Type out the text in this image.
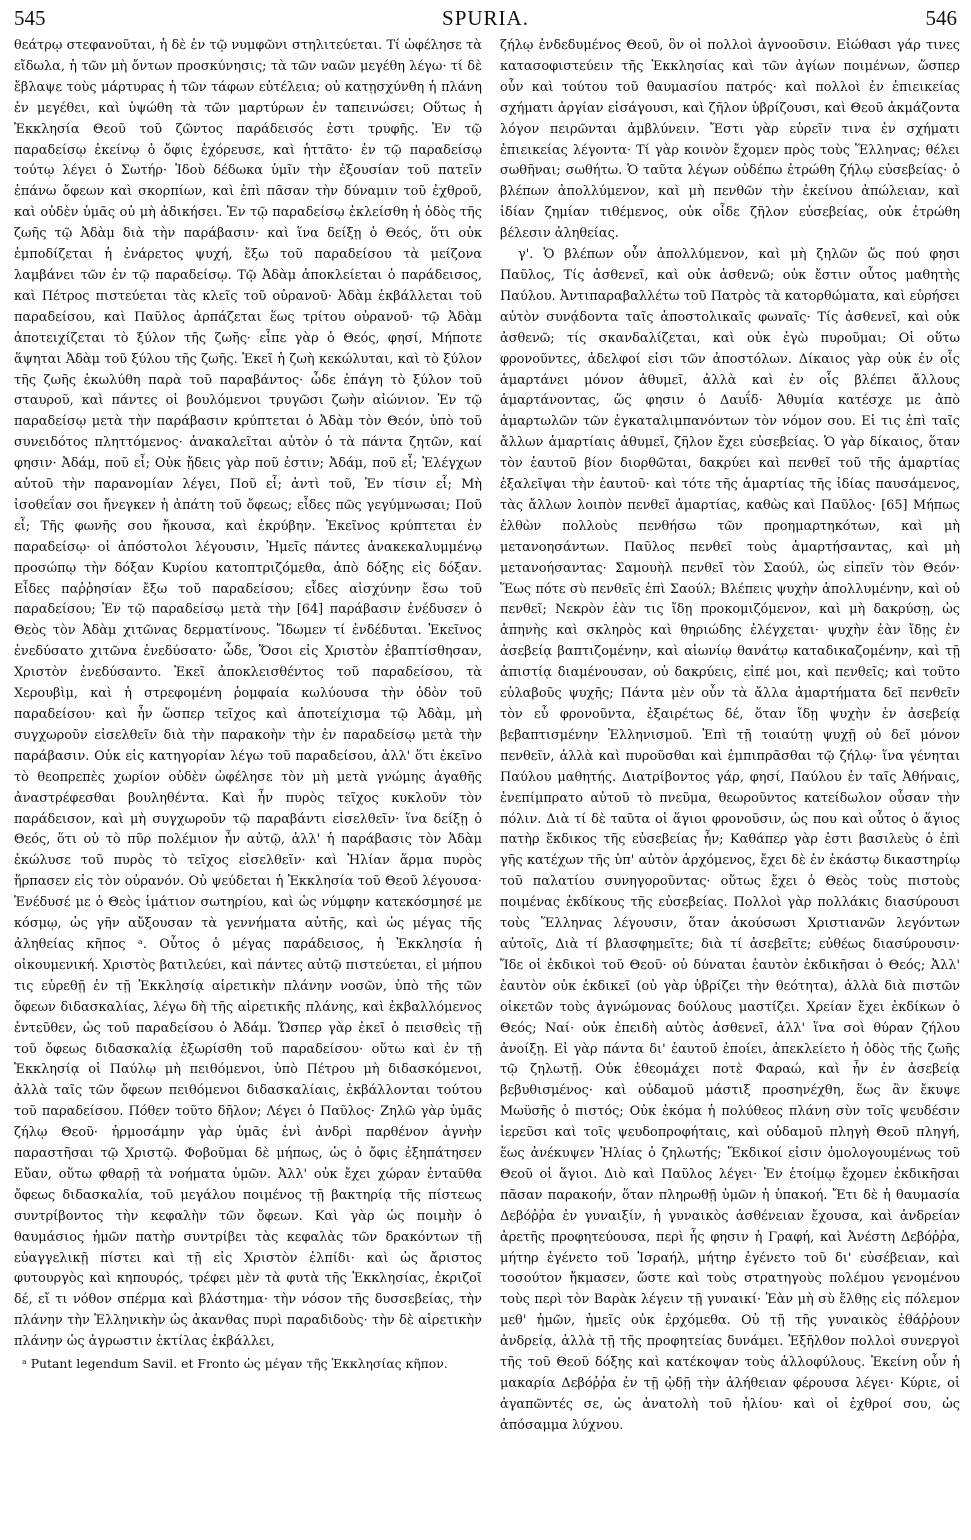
545	SPURIA.	546

θεάτρῳ στεφανοῦται, ἡ δὲ ἐν τῷ νυμφῶνι στηλιτεύεται. Τί ὠφέλησε τὰ εἴδωλα, ἡ τῶν μὴ ὄντων προσκύνησις; τὰ τῶν ναῶν μεγέθη λέγω· τί δὲ ἔβλαψε τοὺς μάρτυρας ἡ τῶν τάφων εὐτέλεια; οὐ κατῃσχύνθη ἡ πλάνη ἐν μεγέθει, καὶ ὑψώθη τὰ τῶν μαρτύρων ἐν ταπεινώσει; Οὕτως ἡ Ἐκκλησία Θεοῦ τοῦ ζῶντος παράδεισός ἐστι τρυφῆς. Ἐν τῷ παραδείσῳ ἐκείνῳ ὁ ὄφις ἐχόρευσε, καὶ ἡττᾶτο· ἐν τῷ παραδείσῳ τούτῳ λέγει ὁ Σωτήρ· Ἰδοὺ δέδωκα ὑμῖν τὴν ἐξουσίαν τοῦ πατεῖν ἐπάνω ὄφεων καὶ σκορπίων, καὶ ἐπὶ πᾶσαν τὴν δύναμιν τοῦ ἐχθροῦ, καὶ οὐδὲν ὑμᾶς οὐ μὴ ἀδικήσει. Ἐν τῷ παραδείσῳ ἐκλείσθη ἡ ὁδὸς τῆς ζωῆς τῷ Ἀδὰμ διὰ τὴν παράβασιν· καὶ ἵνα δείξῃ ὁ Θεός, ὅτι οὐκ ἐμποδίζεται ἡ ἐνάρετος ψυχή, ἔξω τοῦ παραδείσου τὰ μείζονα λαμβάνει τῶν ἐν τῷ παραδείσῳ. Τῷ Ἀδὰμ ἀποκλείεται ὁ παράδεισος, καὶ Πέτρος πιστεύεται τὰς κλεῖς τοῦ οὐρανοῦ· Ἀδὰμ ἐκβάλλεται τοῦ παραδείσου, καὶ Παῦλος ἁρπάζεται ἕως τρίτου οὐρανοῦ· τῷ Ἀδὰμ ἀποτειχίζεται τὸ ξύλον τῆς ζωῆς· εἶπε γὰρ ὁ Θεός, φησί, Μήποτε ἅψηται Ἀδὰμ τοῦ ξύλου τῆς ζωῆς. Ἐκεῖ ἡ ζωὴ κεκώλυται, καὶ τὸ ξύλον τῆς ζωῆς ἐκωλύθη παρὰ τοῦ παραβάντος· ὧδε ἐπάγη τὸ ξύλον τοῦ σταυροῦ, καὶ πάντες οἱ βουλόμενοι τρυγῶσι ζωὴν αἰώνιον. Ἐν τῷ παραδείσῳ μετὰ τὴν παράβασιν κρύπτεται ὁ Ἀδὰμ τὸν Θεόν, ὑπὸ τοῦ συνειδότος πληττόμενος· ἀνακαλεῖται αὐτὸν ὁ τὰ πάντα ζητῶν, καί φησιν· Ἀδάμ, ποῦ εἶ; Οὐκ ᾔδεις γὰρ ποῦ ἐστιν; Ἀδάμ, ποῦ εἶ; Ἐλέγχων αὐτοῦ τὴν παρανομίαν λέγει, Ποῦ εἶ; ἀντὶ τοῦ, Ἐν τίσιν εἶ; Μὴ ἰσοθεΐαν σοι ἤνεγκεν ἡ ἀπάτη τοῦ ὄφεως; εἶδες πῶς γεγύμνωσαι; Ποῦ εἶ; Τῆς φωνῆς σου ἤκουσα, καὶ ἐκρύβην. Ἐκεῖνος κρύπτεται ἐν παραδείσῳ· οἱ ἀπόστολοι λέγουσιν, Ἡμεῖς πάντες ἀνακεκαλυμμένῳ προσώπῳ τὴν δόξαν Κυρίου κατοπτριζόμεθα, ἀπὸ δόξης εἰς δόξαν. Εἶδες παῤῥησίαν ἔξω τοῦ παραδείσου; εἶδες αἰσχύνην ἔσω τοῦ παραδείσου; Ἐν τῷ παραδείσῳ μετὰ τὴν [64] παράβασιν ἐνέδυσεν ὁ Θεὸς τὸν Ἀδὰμ χιτῶνας δερματίνους. Ἴδωμεν τί ἐνδέδυται. Ἐκεῖνος ἐνεδύσατο χιτῶνα ἐνεδύσατο· ὧδε, Ὅσοι εἰς Χριστὸν ἐβαπτίσθησαν, Χριστὸν ἐνεδύσαντο. Ἐκεῖ ἀποκλεισθέντος τοῦ παραδείσου, τὰ Χερουβὶμ, καὶ ἡ στρεφομένη ῥομφαία κωλύουσα τὴν ὁδὸν τοῦ παραδείσου· καὶ ἦν ὥσπερ τεῖχος καὶ ἀποτείχισμα τῷ Ἀδὰμ, μὴ συγχωροῦν εἰσελθεῖν διὰ τὴν παρακοὴν τὴν ἐν παραδείσῳ μετὰ τὴν παράβασιν. Οὐκ εἰς κατηγορίαν λέγω τοῦ παραδείσου, ἀλλ' ὅτι ἐκεῖνο τὸ θεοπρεπὲς χωρίον οὐδὲν ὠφέλησε τὸν μὴ μετὰ γνώμης ἀγαθῆς ἀναστρέφεσθαι βουληθέντα. Καὶ ἦν πυρὸς τεῖχος κυκλοῦν τὸν παράδεισον, καὶ μὴ συγχωροῦν τῷ παραβάντι εἰσελθεῖν· ἵνα δείξῃ ὁ Θεός, ὅτι οὐ τὸ πῦρ πολέμιον ἦν αὐτῷ, ἀλλ' ἡ παράβασις τὸν Ἀδὰμ ἐκώλυσε τοῦ πυρὸς τὸ τεῖχος εἰσελθεῖν· καὶ Ἠλίαν ἅρμα πυρὸς ἥρπασεν εἰς τὸν οὐρανόν. Οὐ ψεύδεται ἡ Ἐκκλησία τοῦ Θεοῦ λέγουσα· Ἐνέδυσέ με ὁ Θεὸς ἱμάτιον σωτηρίου, καὶ ὡς νύμφην κατεκόσμησέ με κόσμῳ, ὡς γῆν αὔξουσαν τὰ γεννήματα αὐτῆς, καὶ ὡς μέγας τῆς ἀληθείας κῆπος ᵃ. Οὗτος ὁ μέγας παράδεισος, ἡ Ἐκκλησία ἡ οἰκουμενική. Χριστὸς βατιλεύει, καὶ πάντες αὐτῷ πιστεύεται, εἰ μήπου τις εὑρεθῇ ἐν τῇ Ἐκκλησίᾳ αἱρετικὴν πλάνην νοσῶν, ὑπὸ τῆς τῶν ὄφεων διδασκαλίας, λέγω δὴ τῆς αἱρετικῆς πλάνης, καὶ ἐκβαλλόμενος ἐντεῦθεν, ὡς τοῦ παραδείσου ὁ Ἀδάμ. Ὥσπερ γὰρ ἐκεῖ ὁ πεισθεὶς τῇ τοῦ ὄφεως διδασκαλίᾳ ἐξωρίσθη τοῦ παραδείσου· οὕτω καὶ ἐν τῇ Ἐκκλησίᾳ οἱ Παύλῳ μὴ πειθόμενοι, ὑπὸ Πέτρου μὴ διδασκόμενοι, ἀλλὰ ταῖς τῶν ὄφεων πειθόμενοι διδασκαλίαις, ἐκβάλλονται τούτου τοῦ παραδείσου. Πόθεν τοῦτο δῆλον; Λέγει ὁ Παῦλος· Ζηλῶ γὰρ ὑμᾶς ζήλῳ Θεοῦ· ἡρμοσάμην γὰρ ὑμᾶς ἑνὶ ἀνδρὶ παρθένον ἁγνὴν παραστῆσαι τῷ Χριστῷ. Φοβοῦμαι δὲ μήπως, ὡς ὁ ὄφις ἐξηπάτησεν Εὔαν, οὕτω φθαρῇ τὰ νοήματα ὑμῶν. Ἀλλ' οὐκ ἔχει χώραν ἐνταῦθα ὄφεως διδασκαλία, τοῦ μεγάλου ποιμένος τῇ βακτηρίᾳ τῆς πίστεως συντρίβοντος τὴν κεφαλὴν τῶν ὄφεων. Καὶ γὰρ ὡς ποιμὴν ὁ θαυμάσιος ἡμῶν πατὴρ συντρίβει τὰς κεφαλὰς τῶν δρακόντων τῇ εὐαγγελικῇ πίστει καὶ τῇ εἰς Χριστὸν ἐλπίδι· καὶ ὡς ἄριστος φυτουργὸς καὶ κηπουρός, τρέφει μὲν τὰ φυτὰ τῆς Ἐκκλησίας, ἐκριζοῖ δέ, εἴ τι νόθον σπέρμα καὶ βλάστημα· τὴν νόσον τῆς δυσσεβείας, τὴν πλάνην τὴν Ἑλληνικὴν ὡς ἀκανθας πυρὶ παραδιδοὺς· τὴν δὲ αἱρετικὴν πλάνην ὡς ἀγρωστιν ἐκτίλας ἐκβάλλει,

ᵃ Putant legendum Savil. et Fronto ὡς μέγαν τῆς Ἐκκλησίας κῆπον.

ζήλῳ ἐνδεδυμένος Θεοῦ, ὃν οἱ πολλοὶ ἀγνοοῦσιν. Εἰώθασι γάρ τινες κατασοφιστεύειν τῆς Ἐκκλησίας καὶ τῶν ἀγίων ποιμένων, ὥσπερ οὖν καὶ τούτου τοῦ θαυμασίου πατρός· καὶ πολλοὶ ἐν ἐπιεικείας σχήματι ἀργίαν εἰσάγουσι, καὶ ζῆλον ὑβρίζουσι, καὶ Θεοῦ ἀκμάζοντα λόγον πειρῶνται ἀμβλύνειν. Ἔστι γὰρ εὑρεῖν τινα ἐν σχήματι ἐπιεικείας λέγοντα· Τί γὰρ κοινὸν ἔχομεν πρὸς τοὺς Ἕλληνας; θέλει σωθῆναι; σωθήτω. Ὁ ταῦτα λέγων οὐδέπω ἐτρώθη ζήλῳ εὐσεβείας· ὁ βλέπων ἀπολλύμενον, καὶ μὴ πενθῶν τὴν ἐκείνου ἀπώλειαν, καὶ ἰδίαν ζημίαν τιθέμενος, οὐκ οἶδε ζῆλον εὐσεβείας, οὐκ ἐτρώθη βέλεσιν ἀληθείας.

γ'. Ὁ βλέπων οὖν ἀπολλύμενον, καὶ μὴ ζηλῶν ὥς πού φησι Παῦλος, Τίς ἀσθενεῖ, καὶ οὐκ ἀσθενῶ; οὐκ ἔστιν οὗτος μαθητὴς Παύλου. Ἀντιπαραβαλλέτω τοῦ Πατρὸς τὰ κατορθώματα, καὶ εὑρήσει αὐτὸν συνᾴδοντα ταῖς ἀποστολικαῖς φωναῖς· Τίς ἀσθενεῖ, καὶ οὐκ ἀσθενῶ; τίς σκανδαλίζεται, καὶ οὐκ ἐγὼ πυροῦμαι; Οἱ οὕτω φρονοῦντες, ἀδελφοί εἰσι τῶν ἀποστόλων. Δίκαιος γὰρ οὐκ ἐν οἷς ἁμαρτάνει μόνον ἀθυμεῖ, ἀλλὰ καὶ ἐν οἷς βλέπει ἄλλους ἁμαρτάνοντας, ὥς φησιν ὁ Δαυΐδ· Ἀθυμία κατέσχε με ἀπὸ ἁμαρτωλῶν τῶν ἐγκαταλιμπανόντων τὸν νόμον σου. Εἰ τις ἐπὶ ταῖς ἄλλων ἁμαρτίαις ἀθυμεῖ, ζῆλον ἔχει εὐσεβείας. Ὁ γὰρ δίκαιος, ὅταν τὸν ἑαυτοῦ βίον διορθῶται, δακρύει καὶ πενθεῖ τοῦ τῆς ἁμαρτίας ἐξαλεῖψαι τὴν ἑαυτοῦ· καὶ τότε τῆς ἁμαρτίας τῆς ἰδίας παυσάμενος, τὰς ἄλλων λοιπὸν πενθεῖ ἁμαρτίας, καθὼς καὶ Παῦλος· [65] Μήπως ἐλθὼν πολλοὺς πενθήσω τῶν προημαρτηκότων, καὶ μὴ μετανοησάντων. Παῦλος πενθεῖ τοὺς ἁμαρτήσαντας, καὶ μὴ μετανοήσαντας· Σαμουὴλ πενθεῖ τὸν Σαούλ, ὡς εἰπεῖν τὸν Θεόν· Ἕως πότε σὺ πενθεῖς ἐπὶ Σαούλ; Βλέπεις ψυχὴν ἀπολλυμένην, καὶ οὐ πενθεῖ; Νεκρὸν ἐὰν τις ἴδῃ προκομιζόμενον, καὶ μὴ δακρύσῃ, ὡς ἀπηνὴς καὶ σκληρὸς καὶ θηριώδης ἐλέγχεται· ψυχὴν ἐὰν ἴδῃς ἐν ἀσεβείᾳ βαπτιζομένην, καὶ αἰωνίῳ θανάτῳ καταδικαζομένην, καὶ τῇ ἀπιστίᾳ διαμένουσαν, οὐ δακρύεις, εἰπέ μοι, καὶ πενθεῖς; καὶ τοῦτο εὐλαβοῦς ψυχῆς; Πάντα μὲν οὖν τὰ ἄλλα ἁμαρτήματα δεῖ πενθεῖν τὸν εὖ φρονοῦντα, ἐξαιρέτως δέ, ὅταν ἴδῃ ψυχὴν ἐν ἀσεβείᾳ βεβαπτισμένην Ἑλληνισμοῦ. Ἐπὶ τῇ τοιαύτῃ ψυχῇ οὐ δεῖ μόνον πενθεῖν, ἀλλὰ καὶ πυροῦσθαι καὶ ἐμπιπρᾶσθαι τῷ ζήλῳ· ἵνα γένηται Παύλου μαθητής. Διατρίβοντος γάρ, φησί, Παύλου ἐν ταῖς Ἀθήναις, ἐνεπίμπρατο αὐτοῦ τὸ πνεῦμα, θεωροῦντος κατείδωλον οὖσαν τὴν πόλιν. Διὰ τί δὲ ταῦτα οἱ ἅγιοι φρονοῦσιν, ὡς που καὶ οὗτος ὁ ἅγιος πατὴρ ἔκδικος τῆς εὐσεβείας ἦν; Καθάπερ γὰρ ἐστι βασιλεὺς ὁ ἐπὶ γῆς κατέχων τῆς ὑπ' αὐτὸν ἀρχόμενος, ἔχει δὲ ἐν ἑκάστῳ δικαστηρίῳ τοῦ παλατίου συνηγοροῦντας· οὕτως ἔχει ὁ Θεὸς τοὺς πιστοὺς ποιμένας ἐκδίκους τῆς εὐσεβείας. Πολλοὶ γὰρ πολλάκις διασύρουσι τοὺς Ἕλληνας λέγουσιν, ὅταν ἀκούσωσι Χριστιανῶν λεγόντων αὐτοῖς, Διὰ τί βλασφημεῖτε; διὰ τί ἀσεβεῖτε; εὐθέως διασύρουσιν· Ἴδε οἱ ἐκδικοὶ τοῦ Θεοῦ· οὐ δύναται ἑαυτὸν ἐκδικῆσαι ὁ Θεός; Ἀλλ' ἑαυτὸν οὐκ ἐκδικεῖ (οὐ γὰρ ὑβρίζει τὴν θεότητα), ἀλλὰ διὰ πιστῶν οἰκετῶν τοὺς ἀγνώμονας δούλους μαστίζει. Χρείαν ἔχει ἐκδίκων ὁ Θεός; Ναί· οὐκ ἐπειδὴ αὐτὸς ἀσθενεῖ, ἀλλ' ἵνα σοὶ θύραν ζήλου ἀνοίξῃ. Εἰ γὰρ πάντα δι' ἑαυτοῦ ἐποίει, ἀπεκλείετο ἡ ὁδὸς τῆς ζωῆς τῷ ζηλωτῇ. Οὐκ ἐθεομάχει ποτὲ Φαραώ, καὶ ἦν ἐν ἀσεβείᾳ βεβυθισμένος· καὶ οὐδαμοῦ μάστιξ προσηνέχθη, ἕως ἂν ἔκυψε Μωϋσῆς ὁ πιστός; Οὐκ ἐκόμα ἡ πολύθεος πλάνη σὺν τοῖς ψευδέσιν ἱερεῦσι καὶ τοῖς ψευδοπροφήταις, καὶ οὐδαμοῦ πληγὴ Θεοῦ πληγή, ἕως ἀνέκυψεν Ἠλίας ὁ ζηλωτής; Ἔκδικοί εἰσιν ὁμολογουμένως τοῦ Θεοῦ οἱ ἅγιοι. Διὸ καὶ Παῦλος λέγει· Ἐν ἑτοίμῳ ἔχομεν ἐκδικῆσαι πᾶσαν παρακοήν, ὅταν πληρωθῇ ὑμῶν ἡ ὑπακοή. Ἔτι δὲ ἡ θαυμασία Δεβόῤῥα ἐν γυναιξίν, ἡ γυναικὸς ἀσθένειαν ἔχουσα, καὶ ἀνδρείαν ἀρετῆς προφητεύουσα, περὶ ἧς φησιν ἡ Γραφή, καὶ Ἀνέστη Δεβόῤῥα, μήτηρ ἐγένετο τοῦ Ἰσραήλ, μήτηρ ἐγένετο τοῦ δι' εὐσέβειαν, καὶ τοσούτον ἤκμασεν, ὥστε καὶ τοὺς στρατηγοὺς πολέμου γενομένου τοὺς περὶ τὸν Βαρὰκ λέγειν τῇ γυναικί· Ἐὰν μὴ σὺ ἔλθῃς εἰς πόλεμον μεθ' ἡμῶν, ἡμεῖς οὐκ ἐρχόμεθα. Οὐ τῇ τῆς γυναικὸς ἐθάῤῥουν ἀνδρείᾳ, ἀλλὰ τῇ τῆς προφητείας δυνάμει. Ἐξῆλθον πολλοὶ συνεργοὶ τῆς τοῦ Θεοῦ δόξης καὶ κατέκοψαν τοὺς ἀλλοφύλους. Ἐκείνη οὖν ἡ μακαρία Δεβόῤῥα ἐν τῇ ᾠδῇ τὴν ἀλήθειαν φέρουσα λέγει· Κύριε, οἱ ἀγαπῶντές σε, ὡς ἀνατολὴ τοῦ ἡλίου· καὶ οἱ ἐχθροί σου, ὡς ἀπόσαμμα λύχνου.
